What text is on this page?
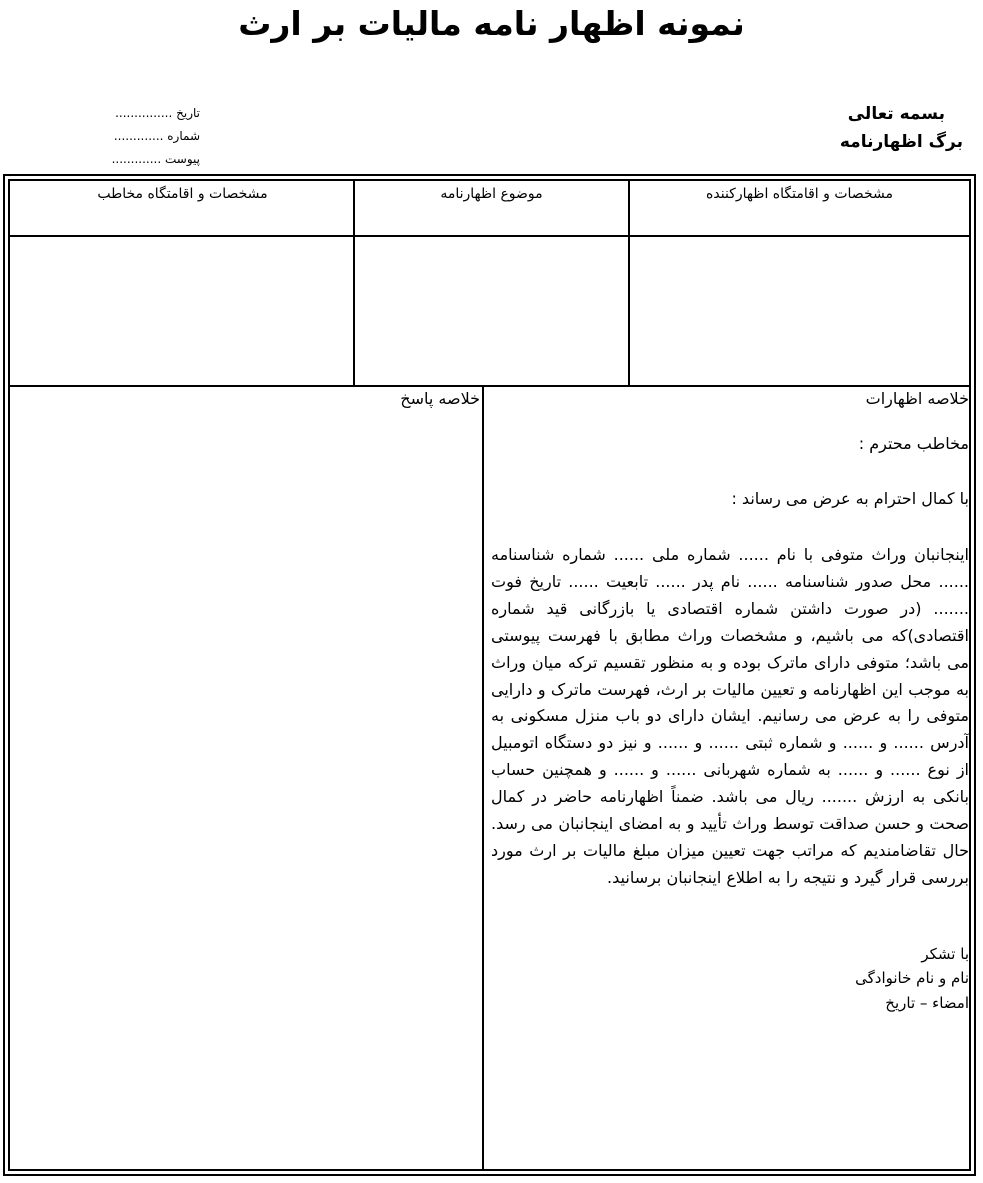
نمونه اظهار نامه مالیات بر ارث
بسمه تعالی
برگ اظهارنامه
تاریخ ...............
شماره .............
پیوست .............
مشخصات و اقامتگاه اظهارکننده
موضوع اظهارنامه
مشخصات و اقامتگاه مخاطب
خلاصه اظهارات
مخاطب محترم :
با کمال احترام به عرض می رساند :
اینجانبان وراث متوفی با نام ...... شماره ملی ...... شماره شناسنامه ...... محل صدور شناسنامه ...... نام پدر ...... تابعیت ...... تاریخ فوت ....... (در صورت داشتن شماره اقتصادی یا بازرگانی قید شماره اقتصادی)که می باشیم، و مشخصات وراث مطابق با فهرست پیوستی می باشد؛ متوفی دارای ماترک بوده و به منظور تقسیم ترکه میان وراث به موجب این اظهارنامه و تعیین مالیات بر ارث، فهرست ماترک و دارایی متوفی را به عرض می رسانیم. ایشان دارای دو باب منزل مسکونی به آدرس ...... و ...... و شماره ثبتی ...... و ...... و نیز دو دستگاه اتومبیل از نوع ...... و ...... به شماره شهربانی ...... و ...... و همچنین حساب بانکی به ارزش ....... ریال می باشد. ضمناً اظهارنامه حاضر در کمال صحت و حسن صداقت توسط وراث تأیید و به امضای اینجانبان می رسد. حال تقاضامندیم که مراتب جهت تعیین میزان مبلغ مالیات بر ارث مورد بررسی قرار گیرد و نتیجه را به اطلاع اینجانبان برسانید.
با تشکر
نام و نام خانوادگی
امضاء – تاریخ
خلاصه پاسخ
